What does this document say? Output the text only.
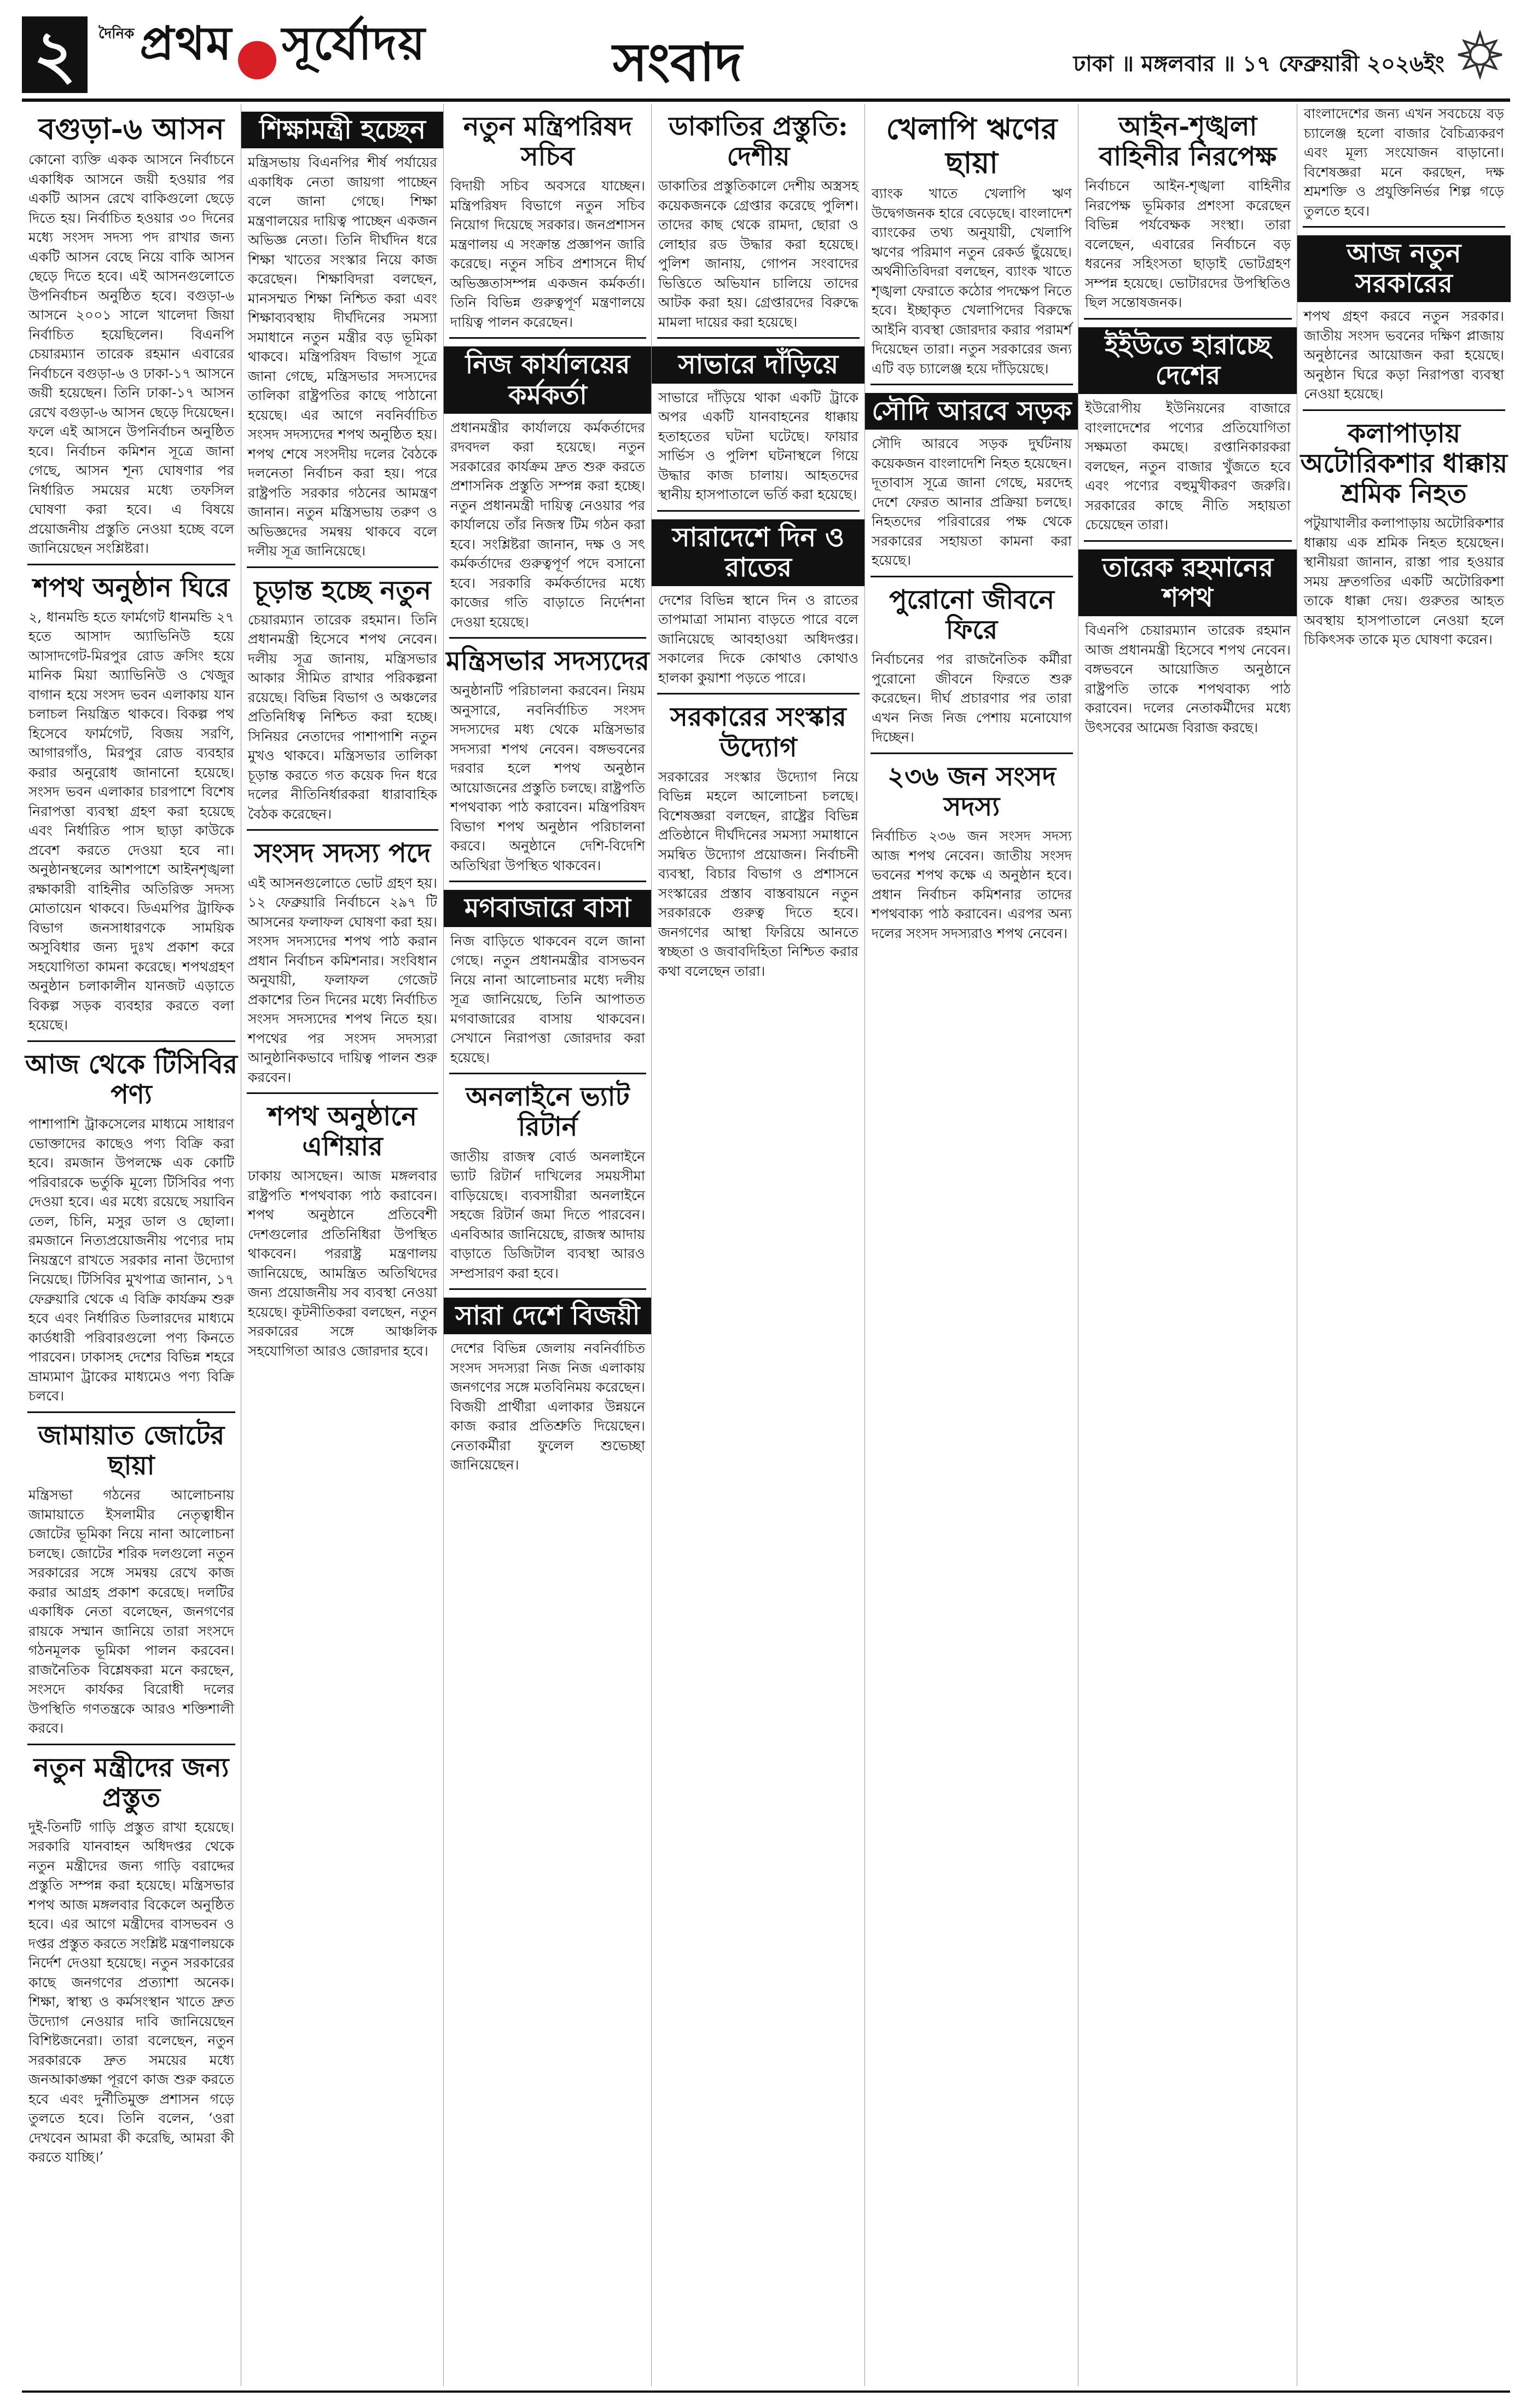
২	দৈনিক প্রথম সূর্যোদয়	সংবাদ	ঢাকা ॥ মঙ্গলবার ॥ ১৭ ফেব্রুয়ারী ২০২৬ইং
বগুড়া-৬ আসন
কোনো ব্যক্তি একক আসনে নির্বাচনে একাধিক আসনে জয়ী হওয়ার পর একটি আসন রেখে বাকিগুলো ছেড়ে দিতে হয়। নির্বাচিত হওয়ার ৩০ দিনের মধ্যে সংসদ সদস্য পদ রাখার জন্য একটি আসন বেছে নিয়ে বাকি আসন ছেড়ে দিতে হবে। এই আসনগুলোতে উপনির্বাচন অনুষ্ঠিত হবে। বগুড়া-৬ আসনে ২০০১ সালে খালেদা জিয়া নির্বাচিত হয়েছিলেন। বিএনপি চেয়ারম্যান তারেক রহমান এবারের নির্বাচনে বগুড়া-৬ ও ঢাকা-১৭ আসনে জয়ী হয়েছেন। তিনি ঢাকা-১৭ আসন রেখে বগুড়া-৬ আসন ছেড়ে দিয়েছেন। ফলে এই আসনে উপনির্বাচন অনুষ্ঠিত হবে। নির্বাচন কমিশন সূত্রে জানা গেছে, আসন শূন্য ঘোষণার পর নির্ধারিত সময়ের মধ্যে তফসিল ঘোষণা করা হবে। এ বিষয়ে প্রয়োজনীয় প্রস্তুতি নেওয়া হচ্ছে বলে জানিয়েছেন সংশ্লিষ্টরা।
শপথ অনুষ্ঠান ঘিরে
২, ধানমন্ডি হতে ফার্মগেট ধানমন্ডি ২৭ হতে আসাদ অ্যাভিনিউ হয়ে আসাদগেট-মিরপুর রোড ক্রসিং হয়ে মানিক মিয়া অ্যাভিনিউ ও খেজুর বাগান হয়ে সংসদ ভবন এলাকায় যান চলাচল নিয়ন্ত্রিত থাকবে। বিকল্প পথ হিসেবে ফার্মগেট, বিজয় সরণি, আগারগাঁও, মিরপুর রোড ব্যবহার করার অনুরোধ জানানো হয়েছে। সংসদ ভবন এলাকার চারপাশে বিশেষ নিরাপত্তা ব্যবস্থা গ্রহণ করা হয়েছে এবং নির্ধারিত পাস ছাড়া কাউকে প্রবেশ করতে দেওয়া হবে না। অনুষ্ঠানস্থলের আশপাশে আইনশৃঙ্খলা রক্ষাকারী বাহিনীর অতিরিক্ত সদস্য মোতায়েন থাকবে। ডিএমপির ট্রাফিক বিভাগ জনসাধারণকে সাময়িক অসুবিধার জন্য দুঃখ প্রকাশ করে সহযোগিতা কামনা করেছে। শপথগ্রহণ অনুষ্ঠান চলাকালীন যানজট এড়াতে বিকল্প সড়ক ব্যবহার করতে বলা হয়েছে।
আজ থেকে টিসিবির পণ্য
পাশাপাশি ট্রাকসেলের মাধ্যমে সাধারণ ভোক্তাদের কাছেও পণ্য বিক্রি করা হবে। রমজান উপলক্ষে এক কোটি পরিবারকে ভর্তুকি মূল্যে টিসিবির পণ্য দেওয়া হবে। এর মধ্যে রয়েছে সয়াবিন তেল, চিনি, মসুর ডাল ও ছোলা। রমজানে নিত্যপ্রয়োজনীয় পণ্যের দাম নিয়ন্ত্রণে রাখতে সরকার নানা উদ্যোগ নিয়েছে। টিসিবির মুখপাত্র জানান, ১৭ ফেব্রুয়ারি থেকে এ বিক্রি কার্যক্রম শুরু হবে এবং নির্ধারিত ডিলারদের মাধ্যমে কার্ডধারী পরিবারগুলো পণ্য কিনতে পারবেন। ঢাকাসহ দেশের বিভিন্ন শহরে ভ্রাম্যমাণ ট্রাকের মাধ্যমেও পণ্য বিক্রি চলবে।
জামায়াত জোটের ছায়া
মন্ত্রিসভা গঠনের আলোচনায় জামায়াতে ইসলামীর নেতৃত্বাধীন জোটের ভূমিকা নিয়ে নানা আলোচনা চলছে। জোটের শরিক দলগুলো নতুন সরকারের সঙ্গে সমন্বয় রেখে কাজ করার আগ্রহ প্রকাশ করেছে। দলটির একাধিক নেতা বলেছেন, জনগণের রায়কে সম্মান জানিয়ে তারা সংসদে গঠনমূলক ভূমিকা পালন করবেন। রাজনৈতিক বিশ্লেষকরা মনে করছেন, সংসদে কার্যকর বিরোধী দলের উপস্থিতি গণতন্ত্রকে আরও শক্তিশালী করবে।
নতুন মন্ত্রীদের জন্য প্রস্তুত
দুই-তিনটি গাড়ি প্রস্তুত রাখা হয়েছে। সরকারি যানবাহন অধিদপ্তর থেকে নতুন মন্ত্রীদের জন্য গাড়ি বরাদ্দের প্রস্তুতি সম্পন্ন করা হয়েছে। মন্ত্রিসভার শপথ আজ মঙ্গলবার বিকেলে অনুষ্ঠিত হবে। এর আগে মন্ত্রীদের বাসভবন ও দপ্তর প্রস্তুত করতে সংশ্লিষ্ট মন্ত্রণালয়কে নির্দেশ দেওয়া হয়েছে। নতুন সরকারের কাছে জনগণের প্রত্যাশা অনেক। শিক্ষা, স্বাস্থ্য ও কর্মসংস্থান খাতে দ্রুত উদ্যোগ নেওয়ার দাবি জানিয়েছেন বিশিষ্টজনেরা। তারা বলেছেন, নতুন সরকারকে দ্রুত সময়ের মধ্যে জনআকাঙ্ক্ষা পূরণে কাজ শুরু করতে হবে এবং দুর্নীতিমুক্ত প্রশাসন গড়ে তুলতে হবে। তিনি বলেন, ‘ওরা দেখবেন আমরা কী করেছি, আমরা কী করতে যাচ্ছি।’
শিক্ষামন্ত্রী হচ্ছেন
মন্ত্রিসভায় বিএনপির শীর্ষ পর্যায়ের একাধিক নেতা জায়গা পাচ্ছেন বলে জানা গেছে। শিক্ষা মন্ত্রণালয়ের দায়িত্ব পাচ্ছেন একজন অভিজ্ঞ নেতা। তিনি দীর্ঘদিন ধরে শিক্ষা খাতের সংস্কার নিয়ে কাজ করেছেন। শিক্ষাবিদরা বলছেন, মানসম্মত শিক্ষা নিশ্চিত করা এবং শিক্ষাব্যবস্থায় দীর্ঘদিনের সমস্যা সমাধানে নতুন মন্ত্রীর বড় ভূমিকা থাকবে। মন্ত্রিপরিষদ বিভাগ সূত্রে জানা গেছে, মন্ত্রিসভার সদস্যদের তালিকা রাষ্ট্রপতির কাছে পাঠানো হয়েছে। এর আগে নবনির্বাচিত সংসদ সদস্যদের শপথ অনুষ্ঠিত হয়। শপথ শেষে সংসদীয় দলের বৈঠকে দলনেতা নির্বাচন করা হয়। পরে রাষ্ট্রপতি সরকার গঠনের আমন্ত্রণ জানান। নতুন মন্ত্রিসভায় তরুণ ও অভিজ্ঞদের সমন্বয় থাকবে বলে দলীয় সূত্র জানিয়েছে।
চূড়ান্ত হচ্ছে নতুন
চেয়ারম্যান তারেক রহমান। তিনি প্রধানমন্ত্রী হিসেবে শপথ নেবেন। দলীয় সূত্র জানায়, মন্ত্রিসভার আকার সীমিত রাখার পরিকল্পনা রয়েছে। বিভিন্ন বিভাগ ও অঞ্চলের প্রতিনিধিত্ব নিশ্চিত করা হচ্ছে। সিনিয়র নেতাদের পাশাপাশি নতুন মুখও থাকবে। মন্ত্রিসভার তালিকা চূড়ান্ত করতে গত কয়েক দিন ধরে দলের নীতিনির্ধারকরা ধারাবাহিক বৈঠক করেছেন।
সংসদ সদস্য পদে
এই আসনগুলোতে ভোট গ্রহণ হয়। ১২ ফেব্রুয়ারি নির্বাচনে ২৯৭ টি আসনের ফলাফল ঘোষণা করা হয়। সংসদ সদস্যদের শপথ পাঠ করান প্রধান নির্বাচন কমিশনার। সংবিধান অনুযায়ী, ফলাফল গেজেট প্রকাশের তিন দিনের মধ্যে নির্বাচিত সংসদ সদস্যদের শপথ নিতে হয়। শপথের পর সংসদ সদস্যরা আনুষ্ঠানিকভাবে দায়িত্ব পালন শুরু করবেন।
শপথ অনুষ্ঠানে এশিয়ার
ঢাকায় আসছেন। আজ মঙ্গলবার রাষ্ট্রপতি শপথবাক্য পাঠ করাবেন। শপথ অনুষ্ঠানে প্রতিবেশী দেশগুলোর প্রতিনিধিরা উপস্থিত থাকবেন। পররাষ্ট্র মন্ত্রণালয় জানিয়েছে, আমন্ত্রিত অতিথিদের জন্য প্রয়োজনীয় সব ব্যবস্থা নেওয়া হয়েছে। কূটনীতিকরা বলছেন, নতুন সরকারের সঙ্গে আঞ্চলিক সহযোগিতা আরও জোরদার হবে।
নতুন মন্ত্রিপরিষদ সচিব
বিদায়ী সচিব অবসরে যাচ্ছেন। মন্ত্রিপরিষদ বিভাগে নতুন সচিব নিয়োগ দিয়েছে সরকার। জনপ্রশাসন মন্ত্রণালয় এ সংক্রান্ত প্রজ্ঞাপন জারি করেছে। নতুন সচিব প্রশাসনে দীর্ঘ অভিজ্ঞতাসম্পন্ন একজন কর্মকর্তা। তিনি বিভিন্ন গুরুত্বপূর্ণ মন্ত্রণালয়ে দায়িত্ব পালন করেছেন।
নিজ কার্যালয়ের কর্মকর্তা
প্রধানমন্ত্রীর কার্যালয়ে কর্মকর্তাদের রদবদল করা হয়েছে। নতুন সরকারের কার্যক্রম দ্রুত শুরু করতে প্রশাসনিক প্রস্তুতি সম্পন্ন করা হচ্ছে। নতুন প্রধানমন্ত্রী দায়িত্ব নেওয়ার পর কার্যালয়ে তাঁর নিজস্ব টিম গঠন করা হবে। সংশ্লিষ্টরা জানান, দক্ষ ও সৎ কর্মকর্তাদের গুরুত্বপূর্ণ পদে বসানো হবে। সরকারি কর্মকর্তাদের মধ্যে কাজের গতি বাড়াতে নির্দেশনা দেওয়া হয়েছে।
মন্ত্রিসভার সদস্যদের
অনুষ্ঠানটি পরিচালনা করবেন। নিয়ম অনুসারে, নবনির্বাচিত সংসদ সদস্যদের মধ্য থেকে মন্ত্রিসভার সদস্যরা শপথ নেবেন। বঙ্গভবনের দরবার হলে শপথ অনুষ্ঠান আয়োজনের প্রস্তুতি চলছে। রাষ্ট্রপতি শপথবাক্য পাঠ করাবেন। মন্ত্রিপরিষদ বিভাগ শপথ অনুষ্ঠান পরিচালনা করবে। অনুষ্ঠানে দেশি-বিদেশি অতিথিরা উপস্থিত থাকবেন।
মগবাজারে বাসা
নিজ বাড়িতে থাকবেন বলে জানা গেছে। নতুন প্রধানমন্ত্রীর বাসভবন নিয়ে নানা আলোচনার মধ্যে দলীয় সূত্র জানিয়েছে, তিনি আপাতত মগবাজারের বাসায় থাকবেন। সেখানে নিরাপত্তা জোরদার করা হয়েছে।
অনলাইনে ভ্যাট রিটার্ন
জাতীয় রাজস্ব বোর্ড অনলাইনে ভ্যাট রিটার্ন দাখিলের সময়সীমা বাড়িয়েছে। ব্যবসায়ীরা অনলাইনে সহজে রিটার্ন জমা দিতে পারবেন। এনবিআর জানিয়েছে, রাজস্ব আদায় বাড়াতে ডিজিটাল ব্যবস্থা আরও সম্প্রসারণ করা হবে।
সারা দেশে বিজয়ী
দেশের বিভিন্ন জেলায় নবনির্বাচিত সংসদ সদস্যরা নিজ নিজ এলাকায় জনগণের সঙ্গে মতবিনিময় করেছেন। বিজয়ী প্রার্থীরা এলাকার উন্নয়নে কাজ করার প্রতিশ্রুতি দিয়েছেন। নেতাকর্মীরা ফুলেল শুভেচ্ছা জানিয়েছেন।
ডাকাতির প্রস্তুতি: দেশীয়
ডাকাতির প্রস্তুতিকালে দেশীয় অস্ত্রসহ কয়েকজনকে গ্রেপ্তার করেছে পুলিশ। তাদের কাছ থেকে রামদা, ছোরা ও লোহার রড উদ্ধার করা হয়েছে। পুলিশ জানায়, গোপন সংবাদের ভিত্তিতে অভিযান চালিয়ে তাদের আটক করা হয়। গ্রেপ্তারদের বিরুদ্ধে মামলা দায়ের করা হয়েছে।
সাভারে দাঁড়িয়ে
সাভারে দাঁড়িয়ে থাকা একটি ট্রাকে অপর একটি যানবাহনের ধাক্কায় হতাহতের ঘটনা ঘটেছে। ফায়ার সার্ভিস ও পুলিশ ঘটনাস্থলে গিয়ে উদ্ধার কাজ চালায়। আহতদের স্থানীয় হাসপাতালে ভর্তি করা হয়েছে।
সারাদেশে দিন ও রাতের
দেশের বিভিন্ন স্থানে দিন ও রাতের তাপমাত্রা সামান্য বাড়তে পারে বলে জানিয়েছে আবহাওয়া অধিদপ্তর। সকালের দিকে কোথাও কোথাও হালকা কুয়াশা পড়তে পারে।
সরকারের সংস্কার উদ্যোগ
সরকারের সংস্কার উদ্যোগ নিয়ে বিভিন্ন মহলে আলোচনা চলছে। বিশেষজ্ঞরা বলছেন, রাষ্ট্রের বিভিন্ন প্রতিষ্ঠানে দীর্ঘদিনের সমস্যা সমাধানে সমন্বিত উদ্যোগ প্রয়োজন। নির্বাচনী ব্যবস্থা, বিচার বিভাগ ও প্রশাসনে সংস্কারের প্রস্তাব বাস্তবায়নে নতুন সরকারকে গুরুত্ব দিতে হবে। জনগণের আস্থা ফিরিয়ে আনতে স্বচ্ছতা ও জবাবদিহিতা নিশ্চিত করার কথা বলেছেন তারা।
খেলাপি ঋণের ছায়া
ব্যাংক খাতে খেলাপি ঋণ উদ্বেগজনক হারে বেড়েছে। বাংলাদেশ ব্যাংকের তথ্য অনুযায়ী, খেলাপি ঋণের পরিমাণ নতুন রেকর্ড ছুঁয়েছে। অর্থনীতিবিদরা বলছেন, ব্যাংক খাতে শৃঙ্খলা ফেরাতে কঠোর পদক্ষেপ নিতে হবে। ইচ্ছাকৃত খেলাপিদের বিরুদ্ধে আইনি ব্যবস্থা জোরদার করার পরামর্শ দিয়েছেন তারা। নতুন সরকারের জন্য এটি বড় চ্যালেঞ্জ হয়ে দাঁড়িয়েছে।
সৌদি আরবে সড়ক
সৌদি আরবে সড়ক দুর্ঘটনায় কয়েকজন বাংলাদেশি নিহত হয়েছেন। দূতাবাস সূত্রে জানা গেছে, মরদেহ দেশে ফেরত আনার প্রক্রিয়া চলছে। নিহতদের পরিবারের পক্ষ থেকে সরকারের সহায়তা কামনা করা হয়েছে।
পুরোনো জীবনে ফিরে
নির্বাচনের পর রাজনৈতিক কর্মীরা পুরোনো জীবনে ফিরতে শুরু করেছেন। দীর্ঘ প্রচারণার পর তারা এখন নিজ নিজ পেশায় মনোযোগ দিচ্ছেন।
২৩৬ জন সংসদ সদস্য
নির্বাচিত ২৩৬ জন সংসদ সদস্য আজ শপথ নেবেন। জাতীয় সংসদ ভবনের শপথ কক্ষে এ অনুষ্ঠান হবে। প্রধান নির্বাচন কমিশনার তাদের শপথবাক্য পাঠ করাবেন। এরপর অন্য দলের সংসদ সদস্যরাও শপথ নেবেন।
আইন-শৃঙ্খলা বাহিনীর নিরপেক্ষ
নির্বাচনে আইন-শৃঙ্খলা বাহিনীর নিরপেক্ষ ভূমিকার প্রশংসা করেছেন বিভিন্ন পর্যবেক্ষক সংস্থা। তারা বলেছেন, এবারের নির্বাচনে বড় ধরনের সহিংসতা ছাড়াই ভোটগ্রহণ সম্পন্ন হয়েছে। ভোটারদের উপস্থিতিও ছিল সন্তোষজনক।
ইইউতে হারাচ্ছে দেশের
ইউরোপীয় ইউনিয়নের বাজারে বাংলাদেশের পণ্যের প্রতিযোগিতা সক্ষমতা কমছে। রপ্তানিকারকরা বলছেন, নতুন বাজার খুঁজতে হবে এবং পণ্যের বহুমুখীকরণ জরুরি। সরকারের কাছে নীতি সহায়তা চেয়েছেন তারা।
তারেক রহমানের শপথ
বিএনপি চেয়ারম্যান তারেক রহমান আজ প্রধানমন্ত্রী হিসেবে শপথ নেবেন। বঙ্গভবনে আয়োজিত অনুষ্ঠানে রাষ্ট্রপতি তাকে শপথবাক্য পাঠ করাবেন। দলের নেতাকর্মীদের মধ্যে উৎসবের আমেজ বিরাজ করছে।
বাংলাদেশের জন্য এখন সবচেয়ে বড় চ্যালেঞ্জ হলো বাজার বৈচিত্র্যকরণ এবং মূল্য সংযোজন বাড়ানো। বিশেষজ্ঞরা মনে করছেন, দক্ষ শ্রমশক্তি ও প্রযুক্তিনির্ভর শিল্প গড়ে তুলতে হবে।
আজ নতুন সরকারের
শপথ গ্রহণ করবে নতুন সরকার। জাতীয় সংসদ ভবনের দক্ষিণ প্লাজায় অনুষ্ঠানের আয়োজন করা হয়েছে। অনুষ্ঠান ঘিরে কড়া নিরাপত্তা ব্যবস্থা নেওয়া হয়েছে।
কলাপাড়ায় অটোরিকশার ধাক্কায় শ্রমিক নিহত
পটুয়াখালীর কলাপাড়ায় অটোরিকশার ধাক্কায় এক শ্রমিক নিহত হয়েছেন। স্থানীয়রা জানান, রাস্তা পার হওয়ার সময় দ্রুতগতির একটি অটোরিকশা তাকে ধাক্কা দেয়। গুরুতর আহত অবস্থায় হাসপাতালে নেওয়া হলে চিকিৎসক তাকে মৃত ঘোষণা করেন।
